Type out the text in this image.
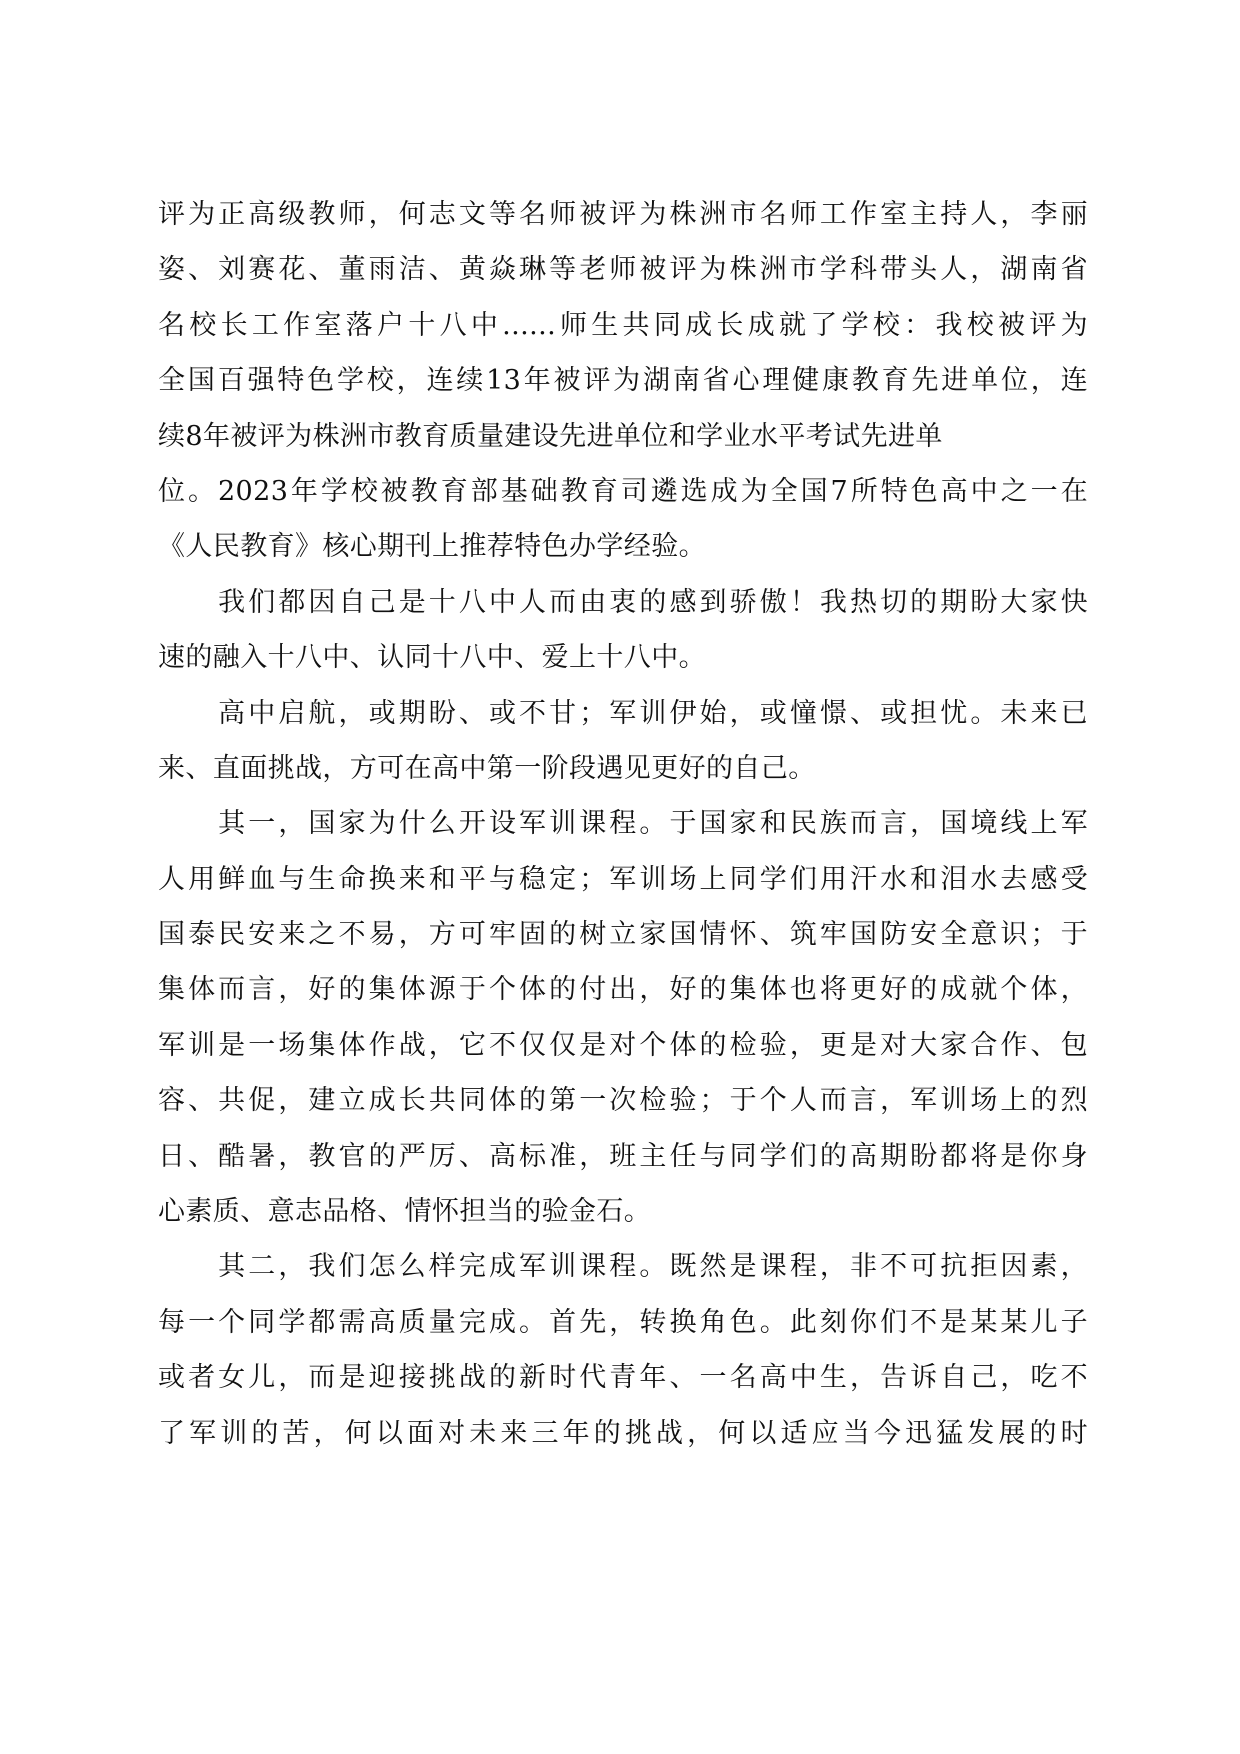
评为正高级教师，何志文等名师被评为株洲市名师工作室主持人，李丽
姿、刘赛花、董雨洁、黄焱琳等老师被评为株洲市学科带头人，湖南省
名校长工作室落户十八中......师生共同成长成就了学校：我校被评为
全国百强特色学校，连续13年被评为湖南省心理健康教育先进单位，连
续8年被评为株洲市教育质量建设先进单位和学业水平考试先进单
位。2023年学校被教育部基础教育司遴选成为全国7所特色高中之一在
《人民教育》核心期刊上推荐特色办学经验。
　　我们都因自己是十八中人而由衷的感到骄傲！我热切的期盼大家快
速的融入十八中、认同十八中、爱上十八中。
　　高中启航，或期盼、或不甘；军训伊始，或憧憬、或担忧。未来已
来、直面挑战，方可在高中第一阶段遇见更好的自己。
　　其一，国家为什么开设军训课程。于国家和民族而言，国境线上军
人用鲜血与生命换来和平与稳定；军训场上同学们用汗水和泪水去感受
国泰民安来之不易，方可牢固的树立家国情怀、筑牢国防安全意识；于
集体而言，好的集体源于个体的付出，好的集体也将更好的成就个体，
军训是一场集体作战，它不仅仅是对个体的检验，更是对大家合作、包
容、共促，建立成长共同体的第一次检验；于个人而言，军训场上的烈
日、酷暑，教官的严厉、高标准，班主任与同学们的高期盼都将是你身
心素质、意志品格、情怀担当的验金石。
　　其二，我们怎么样完成军训课程。既然是课程，非不可抗拒因素，
每一个同学都需高质量完成。首先，转换角色。此刻你们不是某某儿子
或者女儿，而是迎接挑战的新时代青年、一名高中生，告诉自己，吃不
了军训的苦，何以面对未来三年的挑战，何以适应当今迅猛发展的时
